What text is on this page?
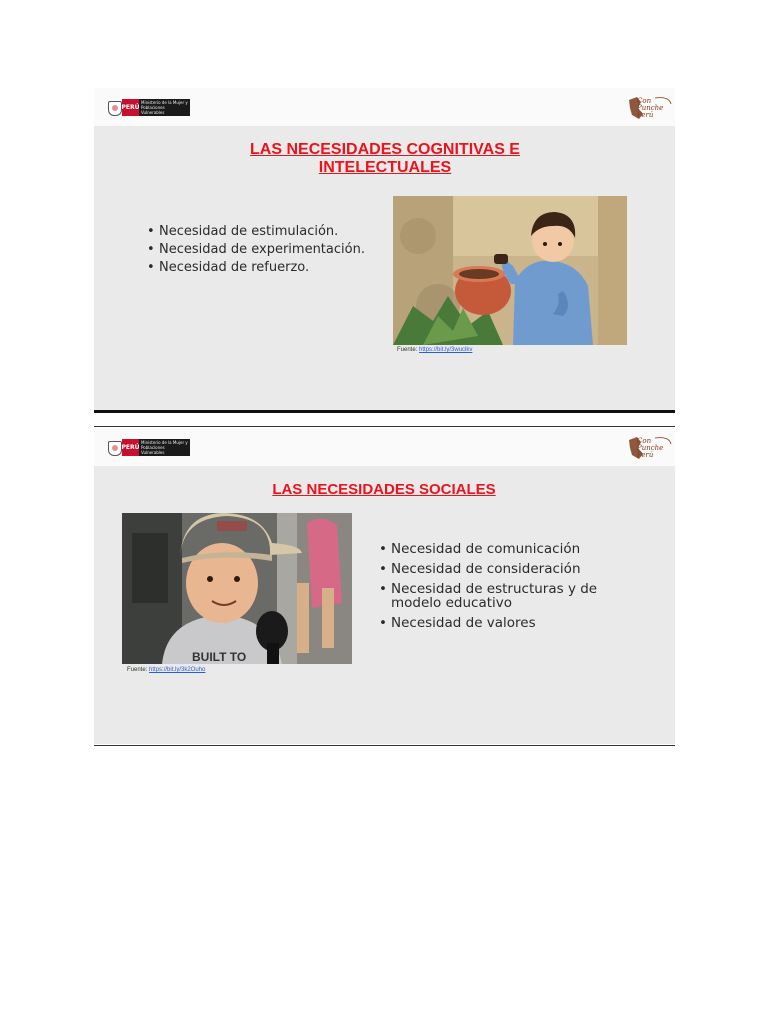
PERÚ
Ministerio de la Mujer y Poblaciones Vulnerables
Con Punche Perú
LAS NECESIDADES COGNITIVAS E INTELECTUALES
• Necesidad de estimulación.
• Necesidad de experimentación.
• Necesidad de refuerzo.
Fuente: https://bit.ly/3wuclkv
PERÚ
Ministerio de la Mujer y Poblaciones Vulnerables
Con Punche Perú
BUILT TO
Fuente: https://bit.ly/3k2Ouho
• Necesidad de comunicación
• Necesidad de consideración
• Necesidad de estructuras y de modelo educativo
• Necesidad de valores
LAS NECESIDADES SOCIALES
